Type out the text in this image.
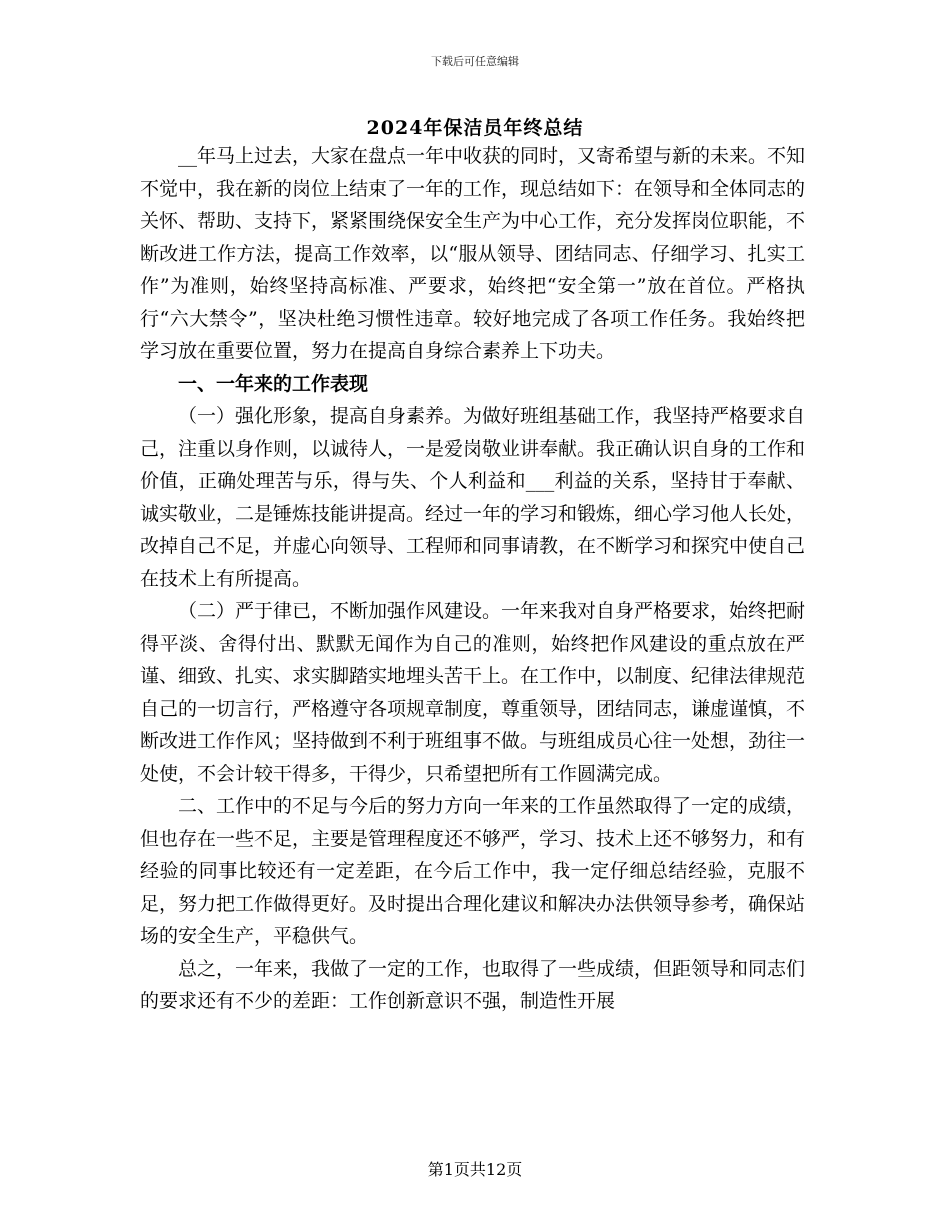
下载后可任意编辑
2024年保洁员年终总结

__年马上过去，大家在盘点一年中收获的同时，又寄希望与新的未来。不知不觉中，我在新的岗位上结束了一年的工作，现总结如下：在领导和全体同志的关怀、帮助、支持下，紧紧围绕保安全生产为中心工作，充分发挥岗位职能，不断改进工作方法，提高工作效率，以“服从领导、团结同志、仔细学习、扎实工作”为准则，始终坚持高标准、严要求，始终把“安全第一”放在首位。严格执行“六大禁令”，坚决杜绝习惯性违章。较好地完成了各项工作任务。我始终把学习放在重要位置，努力在提高自身综合素养上下功夫。

一、一年来的工作表现

（一）强化形象，提高自身素养。为做好班组基础工作，我坚持严格要求自己，注重以身作则，以诚待人，一是爱岗敬业讲奉献。我正确认识自身的工作和价值，正确处理苦与乐，得与失、个人利益和___利益的关系，坚持甘于奉献、诚实敬业，二是锤炼技能讲提高。经过一年的学习和锻炼，细心学习他人长处，改掉自己不足，并虚心向领导、工程师和同事请教，在不断学习和探究中使自己在技术上有所提高。

（二）严于律已，不断加强作风建设。一年来我对自身严格要求，始终把耐得平淡、舍得付出、默默无闻作为自己的准则，始终把作风建设的重点放在严谨、细致、扎实、求实脚踏实地埋头苦干上。在工作中，以制度、纪律法律规范自己的一切言行，严格遵守各项规章制度，尊重领导，团结同志，谦虚谨慎，不断改进工作作风；坚持做到不利于班组事不做。与班组成员心往一处想，劲往一处使，不会计较干得多，干得少，只希望把所有工作圆满完成。

二、工作中的不足与今后的努力方向一年来的工作虽然取得了一定的成绩，但也存在一些不足，主要是管理程度还不够严，学习、技术上还不够努力，和有经验的同事比较还有一定差距，在今后工作中，我一定仔细总结经验，克服不足，努力把工作做得更好。及时提出合理化建议和解决办法供领导参考，确保站场的安全生产，平稳供气。

总之，一年来，我做了一定的工作，也取得了一些成绩，但距领导和同志们的要求还有不少的差距：工作创新意识不强，制造性开展

第1页共12页
